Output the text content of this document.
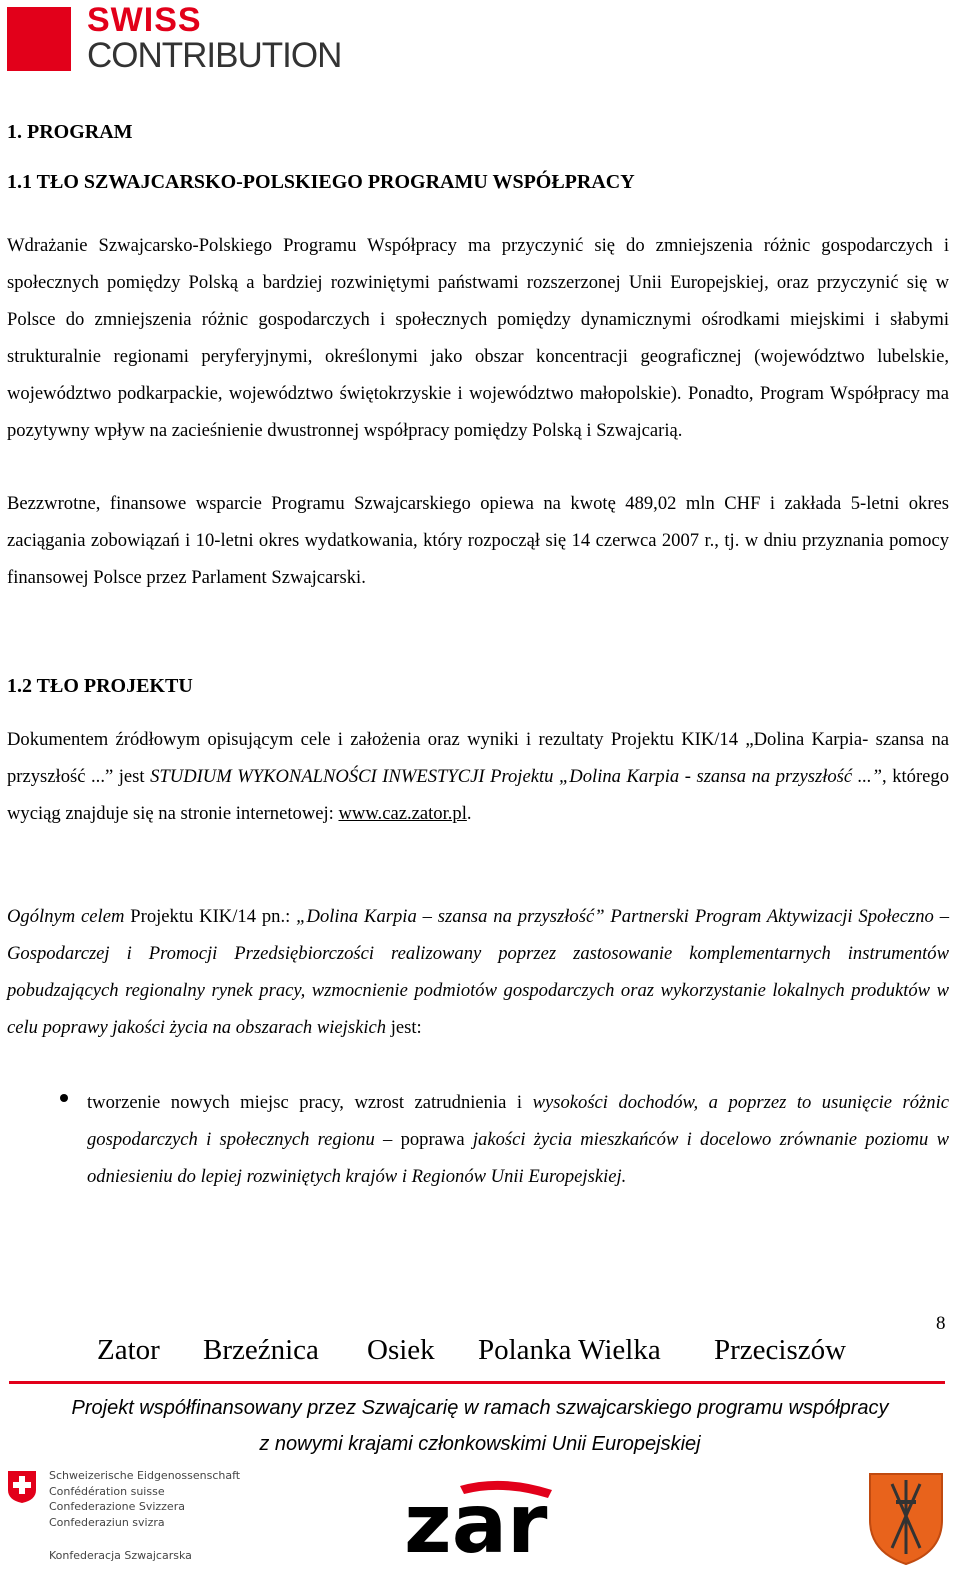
SWISS
CONTRIBUTION
1. PROGRAM
1.1 TŁO SZWAJCARSKO-POLSKIEGO PROGRAMU WSPÓŁPRACY
Wdrażanie Szwajcarsko-Polskiego Programu Współpracy ma przyczynić się do zmniejszenia różnic gospodarczych i społecznych pomiędzy Polską a bardziej rozwiniętymi państwami rozszerzonej Unii Europejskiej, oraz przyczynić się w Polsce do zmniejszenia różnic gospodarczych i społecznych pomiędzy dynamicznymi ośrodkami miejskimi i słabymi strukturalnie regionami peryferyjnymi, określonymi jako obszar koncentracji geograficznej (województwo lubelskie, województwo podkarpackie, województwo świętokrzyskie i województwo małopolskie). Ponadto, Program Współpracy ma pozytywny wpływ na zacieśnienie dwustronnej współpracy pomiędzy Polską i Szwajcarią.
Bezzwrotne, finansowe wsparcie Programu Szwajcarskiego opiewa na kwotę 489,02 mln CHF i zakłada 5-letni okres zaciągania zobowiązań i 10-letni okres wydatkowania, który rozpoczął się 14 czerwca 2007 r., tj. w dniu przyznania pomocy finansowej Polsce przez Parlament Szwajcarski.
1.2 TŁO PROJEKTU
Dokumentem źródłowym opisującym cele i założenia oraz wyniki i rezultaty Projektu KIK/14 „Dolina Karpia- szansa na przyszłość ...” jest STUDIUM WYKONALNOŚCI INWESTYCJI Projektu „Dolina Karpia - szansa na przyszłość ...”, którego wyciąg znajduje się na stronie internetowej: www.caz.zator.pl.
Ogólnym celem Projektu KIK/14 pn.: „Dolina Karpia – szansa na przyszłość” Partnerski Program Aktywizacji Społeczno – Gospodarczej i Promocji Przedsiębiorczości realizowany poprzez zastosowanie komplementarnych instrumentów pobudzających regionalny rynek pracy, wzmocnienie podmiotów gospodarczych oraz wykorzystanie lokalnych produktów w celu poprawy jakości życia na obszarach wiejskich jest:
tworzenie nowych miejsc pracy, wzrost zatrudnienia i wysokości dochodów, a poprzez to usunięcie różnic gospodarczych i społecznych regionu – poprawa jakości życia mieszkańców i docelowo zrównanie poziomu w odniesieniu do lepiej rozwiniętych krajów i Regionów Unii Europejskiej.
8
Zator Brzeźnica Osiek Polanka Wielka Przeciszów
Projekt współfinansowany przez Szwajcarię w ramach szwajcarskiego programu współpracy
z nowymi krajami członkowskimi Unii Europejskiej
Schweizerische Eidgenossenschaft
Confédération suisse
Confederazione Svizzera
Confederaziun svizra
Konfederacja Szwajcarska	zar
